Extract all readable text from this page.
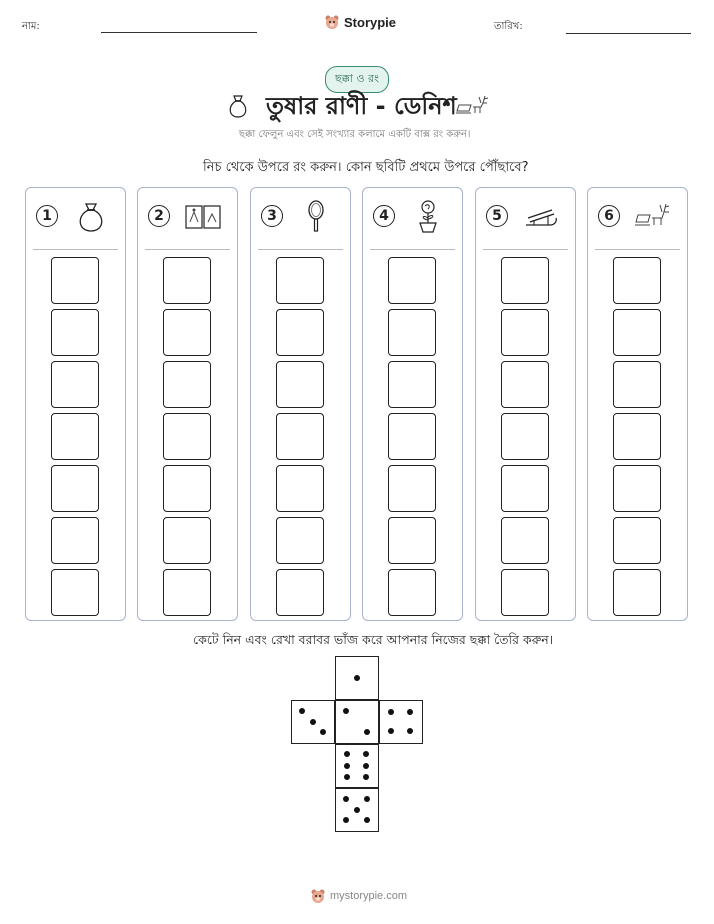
নাম:	Storypie	তারিখ:
ছক্কা ও রং
তুষার রাণী - ডেনিশ
ছক্কা ফেলুন এবং সেই সংখ্যার কলামে একটি বাক্স রং করুন।
নিচ থেকে উপরে রং করুন। কোন ছবিটি প্রথমে উপরে পৌঁছাবে?
1	2	3	4	5	6
কেটে নিন এবং রেখা বরাবর ভাঁজ করে আপনার নিজের ছক্কা তৈরি করুন।
mystorypie.com
